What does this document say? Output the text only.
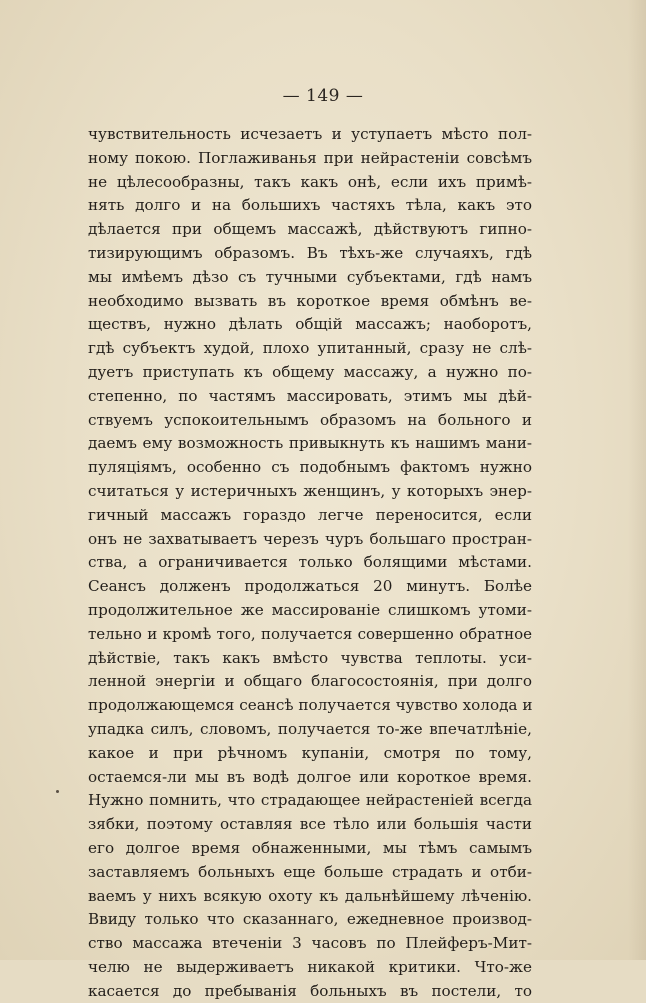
— 149 —
чувствительность исчезаетъ и уступаетъ мѣсто пол-
ному покою. Поглаживанья при нейрастеніи совсѣмъ
не цѣлесообразны, такъ какъ онѣ, если ихъ примѣ-
нять долго и на большихъ частяхъ тѣла, какъ это
дѣлается при общемъ массажѣ, дѣйствуютъ гипно-
тизирующимъ образомъ. Въ тѣхъ-же случаяхъ, гдѣ
мы имѣемъ дѣзо съ тучными субъектами, гдѣ намъ
необходимо вызвать въ короткое время обмѣнъ ве-
ществъ, нужно дѣлать общій массажъ; наоборотъ,
гдѣ субъектъ худой, плохо упитанный, сразу не слѣ-
дуетъ приступать къ общему массажу, а нужно по-
степенно, по частямъ массировать, этимъ мы дѣй-
ствуемъ успокоительнымъ образомъ на больного и
даемъ ему возможность привыкнуть къ нашимъ мани-
пуляціямъ, особенно съ подобнымъ фактомъ нужно
считаться у истеричныхъ женщинъ, у которыхъ энер-
гичный массажъ гораздо легче переносится, если
онъ не захватываетъ черезъ чуръ большаго простран-
ства, а ограничивается только болящими мѣстами.
Сеансъ долженъ продолжаться 20 минутъ. Болѣе
продолжительное же массированіе слишкомъ утоми-
тельно и кромѣ того, получается совершенно обратное
дѣйствіе, такъ какъ вмѣсто чувства теплоты. уси-
ленной энергіи и общаго благосостоянія, при долго
продолжающемся сеансѣ получается чувство холода и
упадка силъ, словомъ, получается то-же впечатлѣніе,
какое и при рѣчномъ купаніи, смотря по тому,
остаемся-ли мы въ водѣ долгое или короткое время.
Нужно помнить, что страдающее нейрастеніей всегда
зябки, поэтому оставляя все тѣло или большія части
его долгое время обнаженными, мы тѣмъ самымъ
заставляемъ больныхъ еще больше страдать и отби-
ваемъ у нихъ всякую охоту къ дальнѣйшему лѣченію.
Ввиду только что сказаннаго, ежедневное производ-
ство массажа втеченіи 3 часовъ по Плейферъ-Мит-
челю не выдерживаетъ никакой критики. Что-же
касается до пребыванія больныхъ въ постели, то
